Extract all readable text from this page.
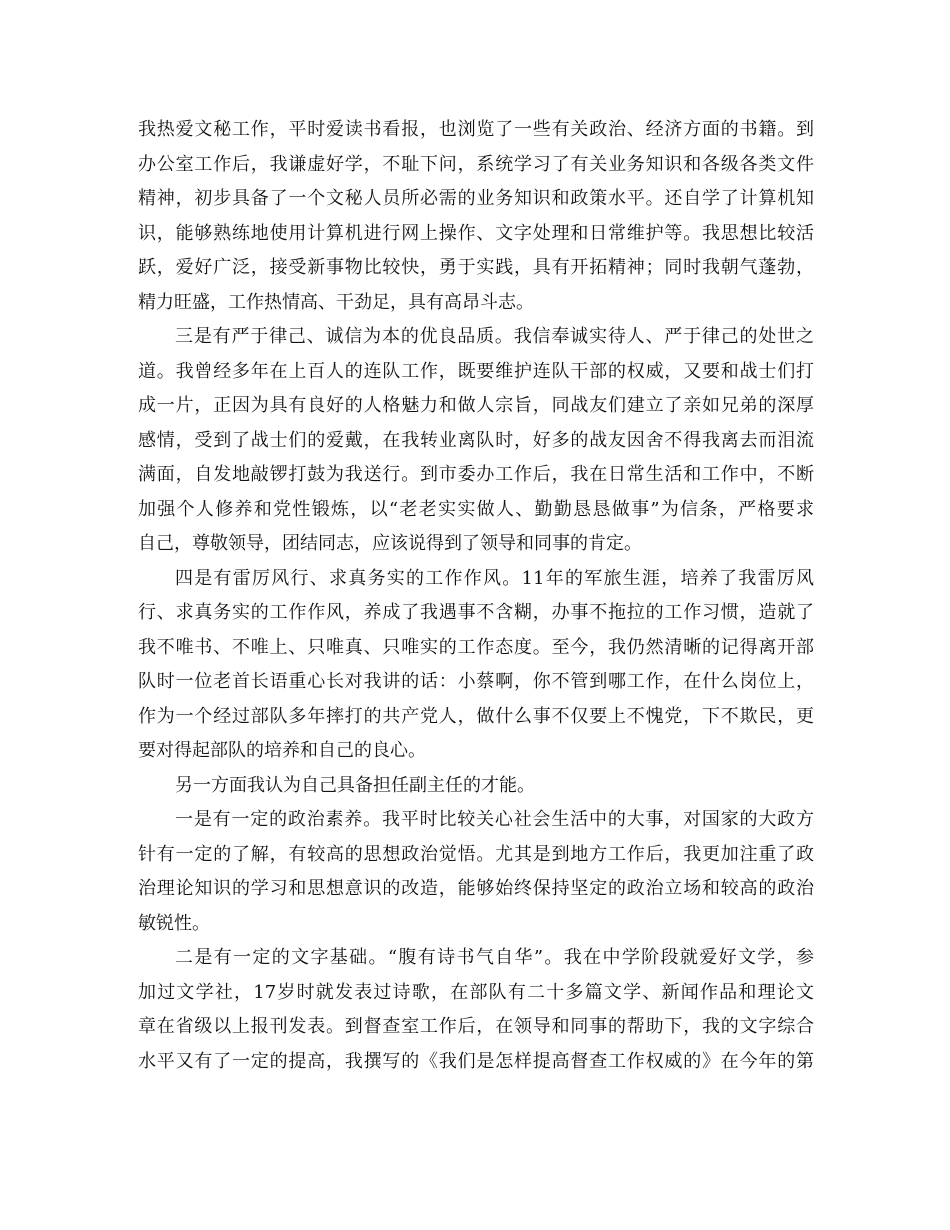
我热爱文秘工作，平时爱读书看报，也浏览了一些有关政治、经济方面的书籍。到
办公室工作后，我谦虚好学，不耻下问，系统学习了有关业务知识和各级各类文件
精神，初步具备了一个文秘人员所必需的业务知识和政策水平。还自学了计算机知
识，能够熟练地使用计算机进行网上操作、文字处理和日常维护等。我思想比较活
跃，爱好广泛，接受新事物比较快，勇于实践，具有开拓精神；同时我朝气蓬勃，
精力旺盛，工作热情高、干劲足，具有高昂斗志。
三是有严于律己、诚信为本的优良品质。我信奉诚实待人、严于律己的处世之
道。我曾经多年在上百人的连队工作，既要维护连队干部的权威，又要和战士们打
成一片，正因为具有良好的人格魅力和做人宗旨，同战友们建立了亲如兄弟的深厚
感情，受到了战士们的爱戴，在我转业离队时，好多的战友因舍不得我离去而泪流
满面，自发地敲锣打鼓为我送行。到市委办工作后，我在日常生活和工作中，不断
加强个人修养和党性锻炼，以“老老实实做人、勤勤恳恳做事”为信条，严格要求
自己，尊敬领导，团结同志，应该说得到了领导和同事的肯定。
四是有雷厉风行、求真务实的工作作风。11年的军旅生涯，培养了我雷厉风
行、求真务实的工作作风，养成了我遇事不含糊，办事不拖拉的工作习惯，造就了
我不唯书、不唯上、只唯真、只唯实的工作态度。至今，我仍然清晰的记得离开部
队时一位老首长语重心长对我讲的话：小蔡啊，你不管到哪工作，在什么岗位上，
作为一个经过部队多年摔打的共产党人，做什么事不仅要上不愧党，下不欺民，更
要对得起部队的培养和自己的良心。
另一方面我认为自己具备担任副主任的才能。
一是有一定的政治素养。我平时比较关心社会生活中的大事，对国家的大政方
针有一定的了解，有较高的思想政治觉悟。尤其是到地方工作后，我更加注重了政
治理论知识的学习和思想意识的改造，能够始终保持坚定的政治立场和较高的政治
敏锐性。
二是有一定的文字基础。“腹有诗书气自华”。我在中学阶段就爱好文学，参
加过文学社，17岁时就发表过诗歌，在部队有二十多篇文学、新闻作品和理论文
章在省级以上报刊发表。到督查室工作后，在领导和同事的帮助下，我的文字综合
水平又有了一定的提高，我撰写的《我们是怎样提高督查工作权威的》在今年的第
